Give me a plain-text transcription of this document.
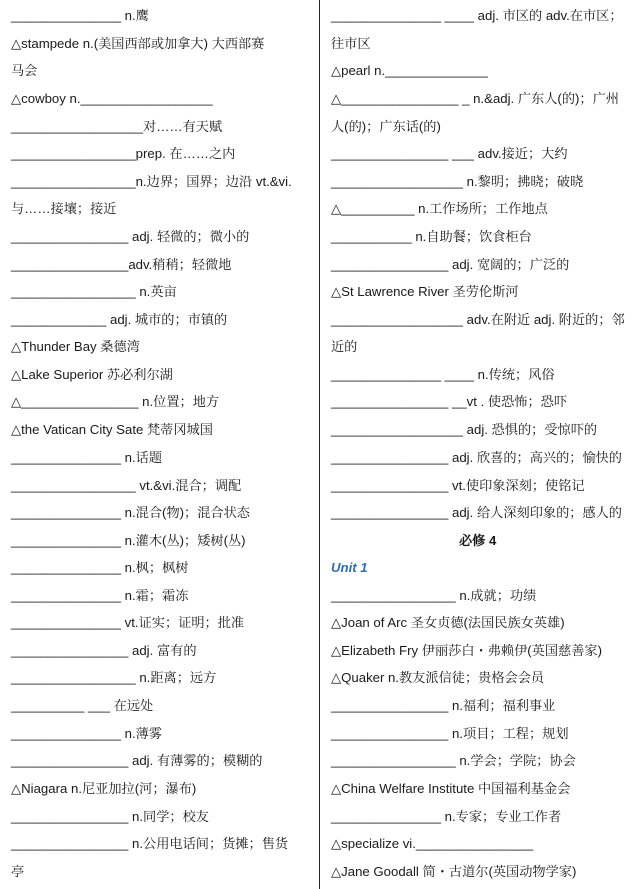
_______________ n.鹰
△stampede n.(美国西部或加拿大) 大西部赛
马会
△cowboy n.__________________
__________________对……有天赋
_________________prep. 在……之内
_________________n.边界；国界；边沿 vt.&vi.
与……接壤；接近
________________ adj. 轻微的；微小的
________________adv.稍稍；轻微地
_________________ n.英亩
_____________ adj. 城市的；市镇的
△Thunder Bay 桑德湾
△Lake Superior 苏必利尔湖
△________________ n.位置；地方
△the Vatican City Sate 梵蒂冈城国
_______________ n.话题
_________________ vt.&vi.混合；调配
_______________ n.混合(物)；混合状态
_______________ n.灌木(丛)；矮树(丛)
_______________ n.枫；枫树
_______________ n.霜；霜冻
_______________ vt.证实；证明；批准
________________ adj. 富有的
_________________ n.距离；远方
__________ ___ 在远处
_______________ n.薄雾
________________ adj. 有薄雾的；模糊的
△Niagara n.尼亚加拉(河；瀑布)
________________ n.同学；校友
________________ n.公用电话间；货摊；售货
亭
_______________ ____ adj. 市区的 adv.在市区；
往市区
△pearl n.______________
△________________ _ n.&adj. 广东人(的)；广州
人(的)；广东话(的)
________________ ___ adv.接近；大约
__________________ n.黎明；拂晓；破晓
△__________ n.工作场所；工作地点
___________ n.自助餐；饮食柜台
________________ adj. 宽阔的；广泛的
△St Lawrence River 圣劳伦斯河
__________________ adv.在附近 adj. 附近的；邻
近的
_______________ ____ n.传统；风俗
________________ __vt . 使恐怖；恐吓
__________________ adj. 恐惧的；受惊吓的
________________ adj. 欣喜的；高兴的；愉快的
________________ vt.使印象深刻；使铭记
________________ adj. 给人深刻印象的；感人的
必修 4
Unit 1
_________________ n.成就；功绩
△Joan of Arc 圣女贞德(法国民族女英雄)
△Elizabeth Fry 伊丽莎白・弗赖伊(英国慈善家)
△Quaker n.教友派信徒；贵格会会员
________________ n.福利；福利事业
________________ n.项目；工程；规划
_________________ n.学会；学院；协会
△China Welfare Institute 中国福利基金会
_______________ n.专家；专业工作者
△specialize vi.________________
△Jane Goodall 简・古道尔(英国动物学家)
